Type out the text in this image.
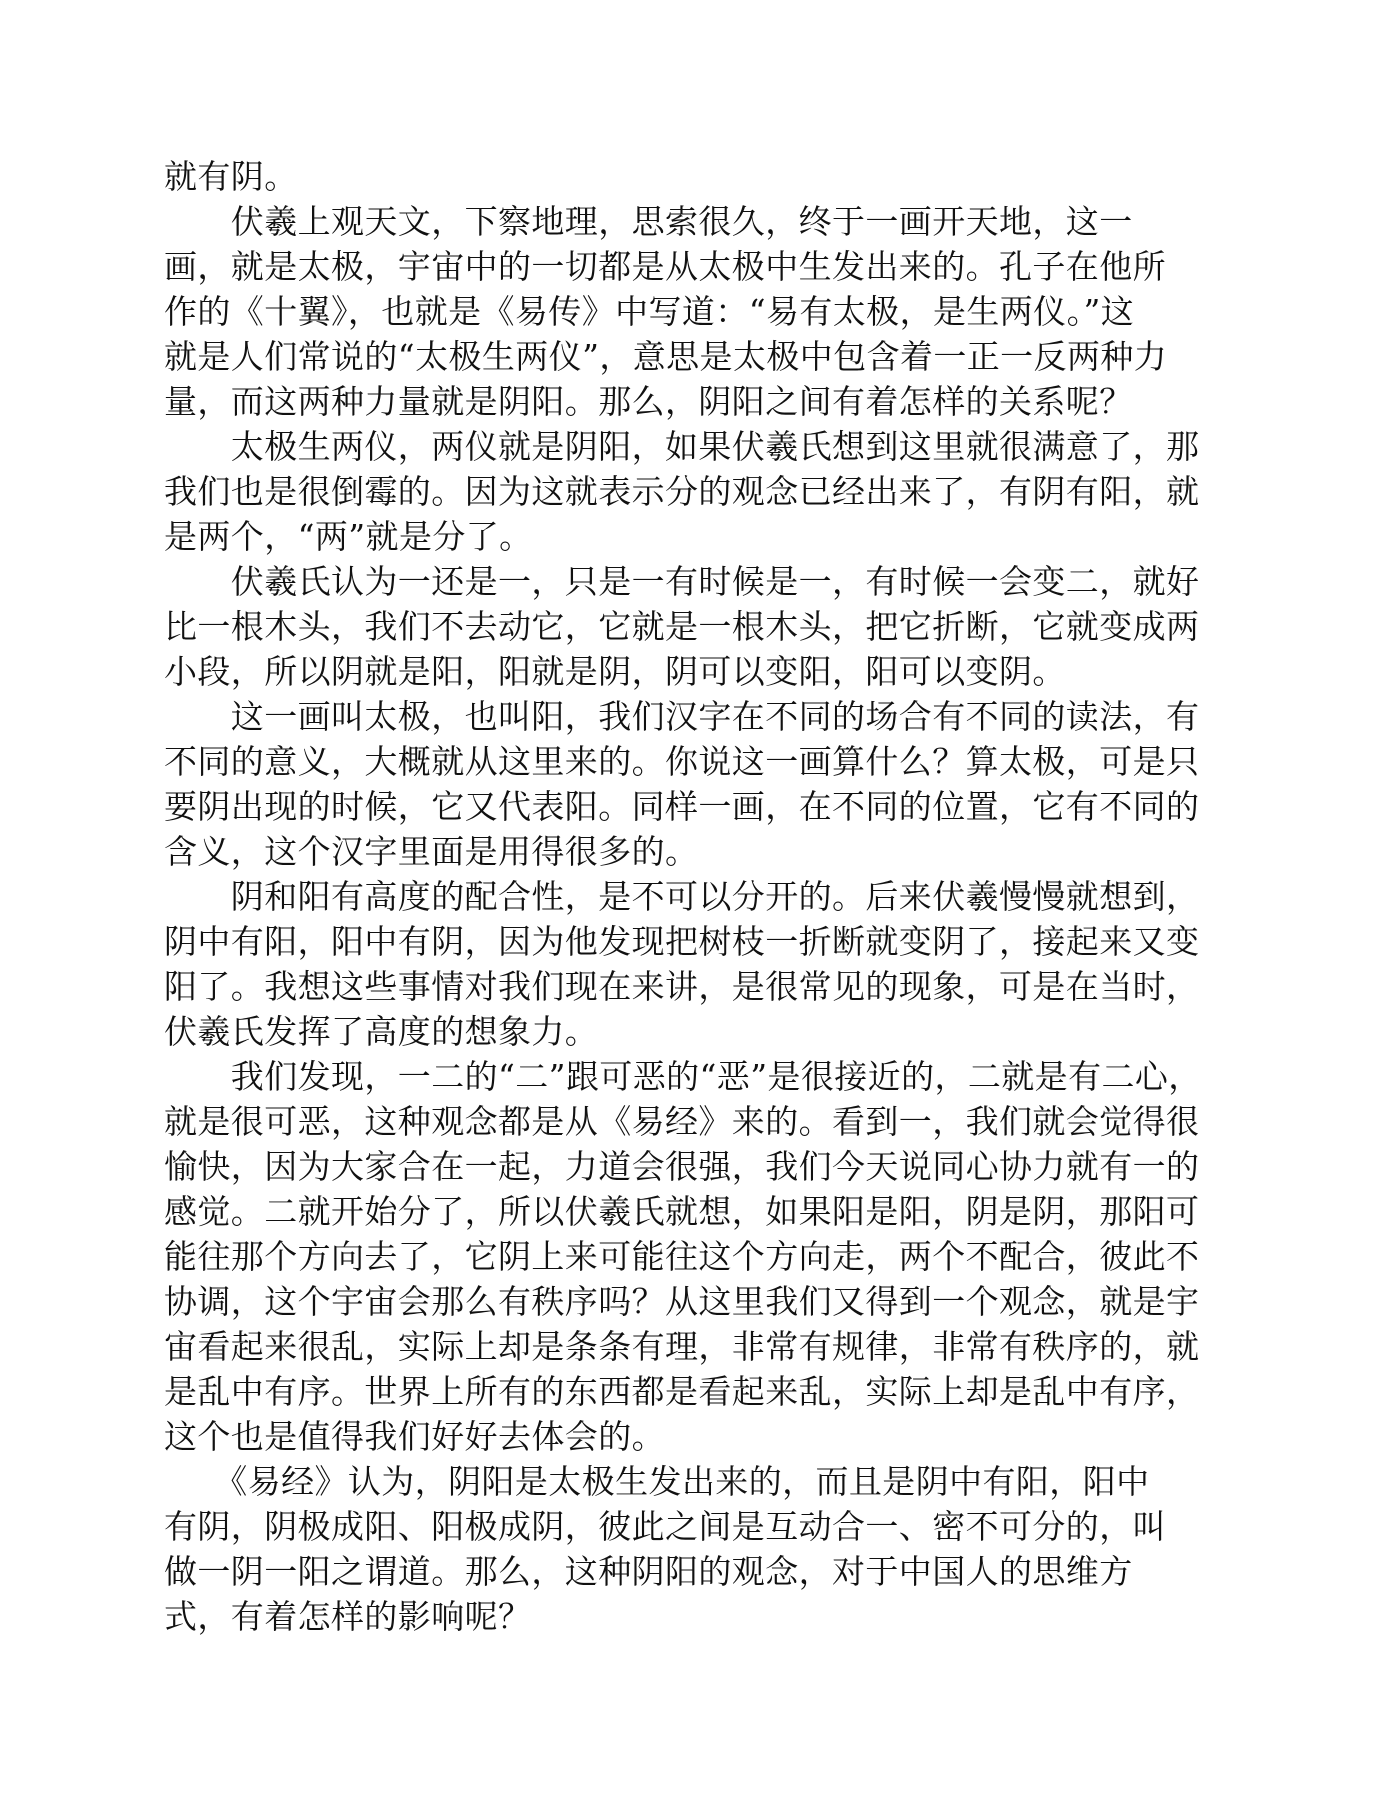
就有阴。

　　伏羲上观天文，下察地理，思索很久，终于一画开天地，这一
画，就是太极，宇宙中的一切都是从太极中生发出来的。孔子在他所
作的《十翼》，也就是《易传》中写道：“易有太极，是生两仪。”这
就是人们常说的“太极生两仪”，意思是太极中包含着一正一反两种力
量，而这两种力量就是阴阳。那么，阴阳之间有着怎样的关系呢？

　　太极生两仪，两仪就是阴阳，如果伏羲氏想到这里就很满意了，那
我们也是很倒霉的。因为这就表示分的观念已经出来了，有阴有阳，就
是两个，“两”就是分了。

　　伏羲氏认为一还是一，只是一有时候是一，有时候一会变二，就好
比一根木头，我们不去动它，它就是一根木头，把它折断，它就变成两
小段，所以阴就是阳，阳就是阴，阴可以变阳，阳可以变阴。

　　这一画叫太极，也叫阳，我们汉字在不同的场合有不同的读法，有
不同的意义，大概就从这里来的。你说这一画算什么？算太极，可是只
要阴出现的时候，它又代表阳。同样一画，在不同的位置，它有不同的
含义，这个汉字里面是用得很多的。

　　阴和阳有高度的配合性，是不可以分开的。后来伏羲慢慢就想到，
阴中有阳，阳中有阴，因为他发现把树枝一折断就变阴了，接起来又变
阳了。我想这些事情对我们现在来讲，是很常见的现象，可是在当时，
伏羲氏发挥了高度的想象力。

　　我们发现，一二的“二”跟可恶的“恶”是很接近的，二就是有二心，
就是很可恶，这种观念都是从《易经》来的。看到一，我们就会觉得很
愉快，因为大家合在一起，力道会很强，我们今天说同心协力就有一的
感觉。二就开始分了，所以伏羲氏就想，如果阳是阳，阴是阴，那阳可
能往那个方向去了，它阴上来可能往这个方向走，两个不配合，彼此不
协调，这个宇宙会那么有秩序吗？从这里我们又得到一个观念，就是宇
宙看起来很乱，实际上却是条条有理，非常有规律，非常有秩序的，就
是乱中有序。世界上所有的东西都是看起来乱，实际上却是乱中有序，
这个也是值得我们好好去体会的。

　　《易经》认为，阴阳是太极生发出来的，而且是阴中有阳，阳中
有阴，阴极成阳、阳极成阴，彼此之间是互动合一、密不可分的，叫
做一阴一阳之谓道。那么，这种阴阳的观念，对于中国人的思维方
式，有着怎样的影响呢？
